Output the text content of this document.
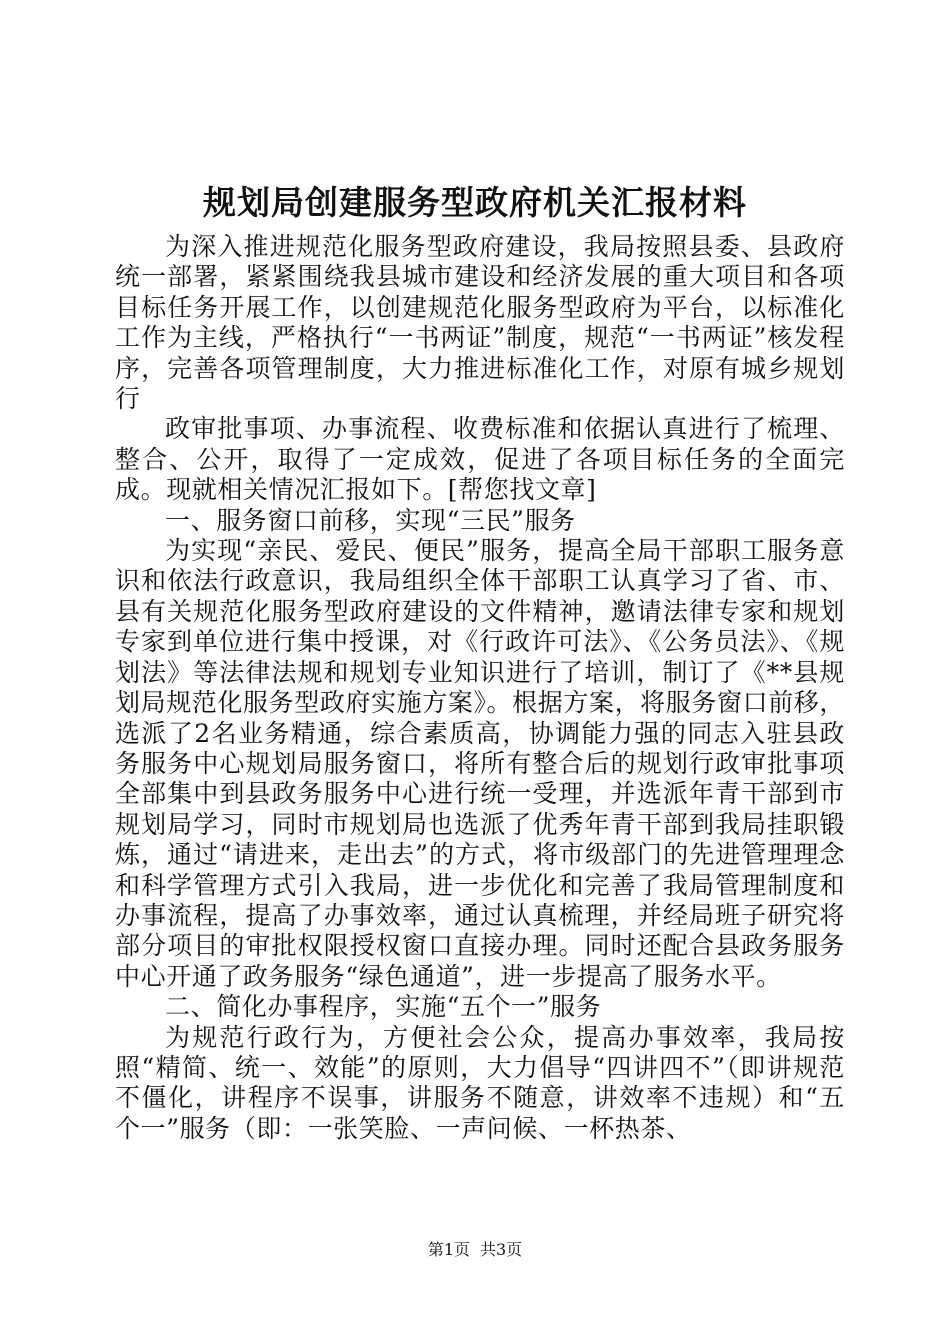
规划局创建服务型政府机关汇报材料

为深入推进规范化服务型政府建设，我局按照县委、县政府统一部署，紧紧围绕我县城市建设和经济发展的重大项目和各项目标任务开展工作，以创建规范化服务型政府为平台，以标准化工作为主线，严格执行“一书两证”制度，规范“一书两证”核发程序，完善各项管理制度，大力推进标准化工作，对原有城乡规划行

政审批事项、办事流程、收费标准和依据认真进行了梳理、整合、公开，取得了一定成效，促进了各项目标任务的全面完成。现就相关情况汇报如下。[帮您找文章]

一、服务窗口前移，实现“三民”服务

为实现“亲民、爱民、便民”服务，提高全局干部职工服务意识和依法行政意识，我局组织全体干部职工认真学习了省、市、县有关规范化服务型政府建设的文件精神，邀请法律专家和规划专家到单位进行集中授课，对《行政许可法》、《公务员法》、《规划法》等法律法规和规划专业知识进行了培训，制订了《**县规划局规范化服务型政府实施方案》。根据方案，将服务窗口前移，选派了2名业务精通，综合素质高，协调能力强的同志入驻县政务服务中心规划局服务窗口，将所有整合后的规划行政审批事项全部集中到县政务服务中心进行统一受理，并选派年青干部到市规划局学习，同时市规划局也选派了优秀年青干部到我局挂职锻炼，通过“请进来，走出去”的方式，将市级部门的先进管理理念和科学管理方式引入我局，进一步优化和完善了我局管理制度和办事流程，提高了办事效率，通过认真梳理，并经局班子研究将部分项目的审批权限授权窗口直接办理。同时还配合县政务服务中心开通了政务服务“绿色通道”，进一步提高了服务水平。

二、简化办事程序，实施“五个一”服务

为规范行政行为，方便社会公众，提高办事效率，我局按照“精简、统一、效能”的原则，大力倡导“四讲四不”（即讲规范不僵化，讲程序不误事，讲服务不随意，讲效率不违规）和“五个一”服务（即：一张笑脸、一声问候、一杯热茶、

第1页 共3页
